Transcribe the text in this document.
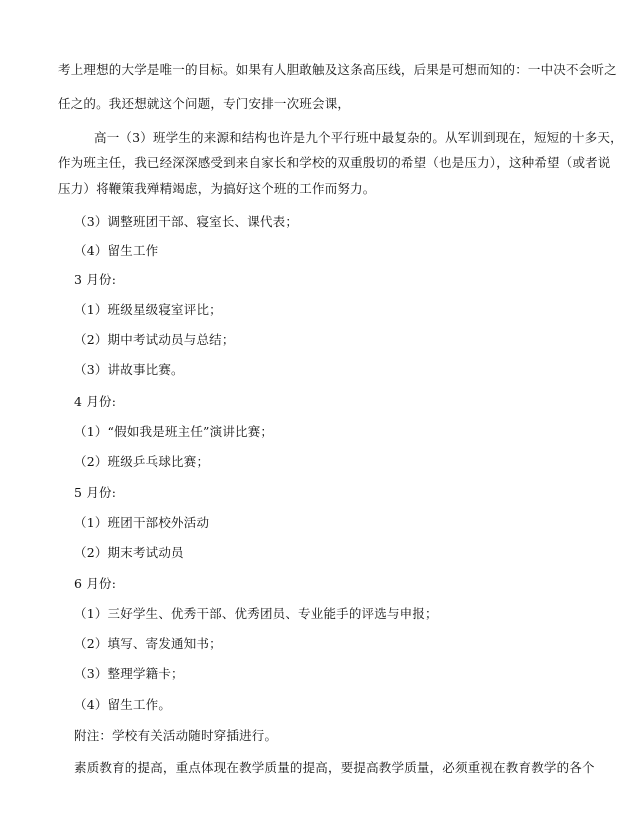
考上理想的大学是唯一的目标。如果有人胆敢触及这条高压线，后果是可想而知的：一中决不会听之
任之的。我还想就这个问题，专门安排一次班会课，
高一（3）班学生的来源和结构也许是九个平行班中最复杂的。从军训到现在，短短的十多天，
作为班主任，我已经深深感受到来自家长和学校的双重殷切的希望（也是压力），这种希望（或者说
压力）将鞭策我殚精竭虑，为搞好这个班的工作而努力。
（3）调整班团干部、寝室长、课代表；
（4）留生工作
3 月份:
（1）班级星级寝室评比；
（2）期中考试动员与总结；
（3）讲故事比赛。
4 月份:
（1）“假如我是班主任”演讲比赛；
（2）班级乒乓球比赛；
5 月份:
（1）班团干部校外活动
（2）期末考试动员
6 月份:
（1）三好学生、优秀干部、优秀团员、专业能手的评选与申报；
（2）填写、寄发通知书；
（3）整理学籍卡；
（4）留生工作。
附注：学校有关活动随时穿插进行。
素质教育的提高，重点体现在教学质量的提高，要提高教学质量，必须重视在教育教学的各个
